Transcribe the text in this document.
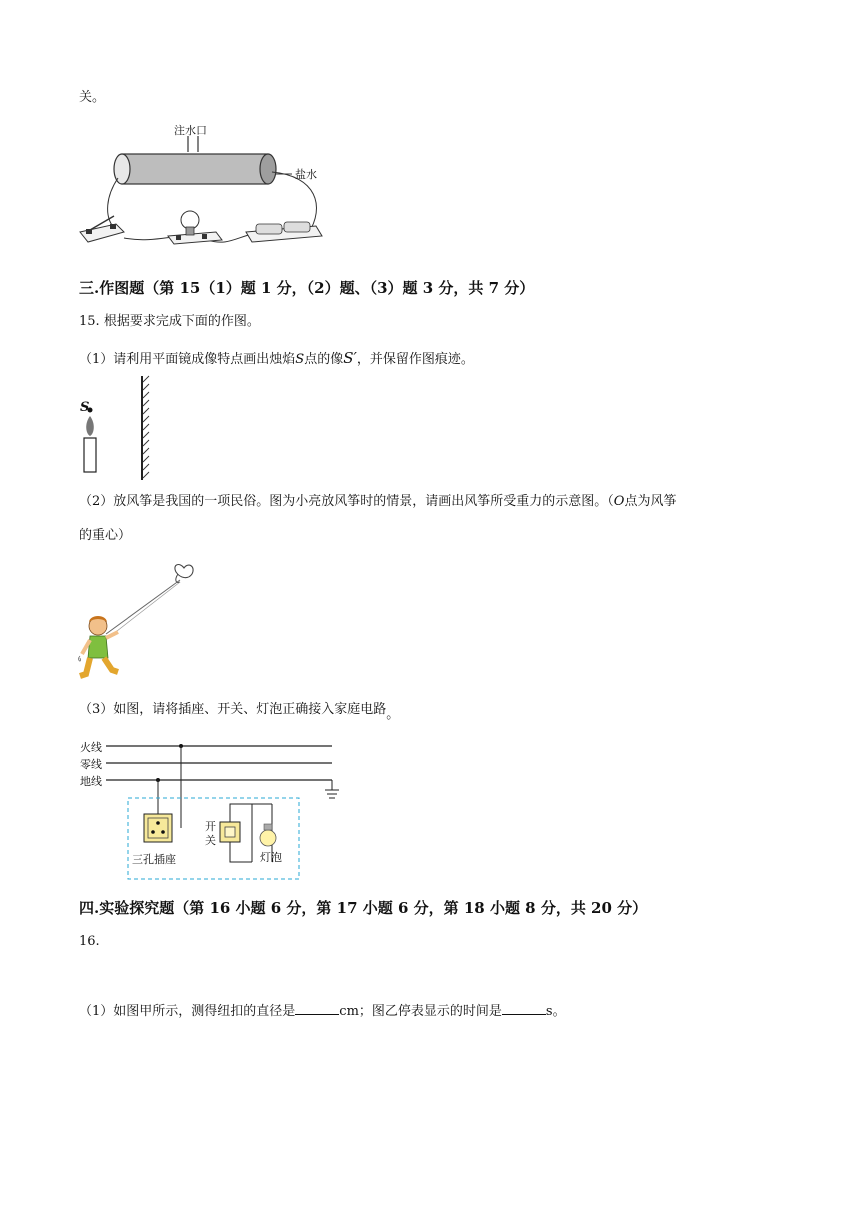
关。
注水口
盐水
三.作图题（第 15（1）题 1 分，（2）题、（3）题 3 分，共 7 分）
15. 根据要求完成下面的作图。
（1）请利用平面镜成像特点画出烛焰S点的像S′，并保留作图痕迹。
S
（2）放风筝是我国的一项民俗。图为小亮放风筝时的情景，请画出风筝所受重力的示意图。（O点为风筝
的重心）
（3）如图，请将插座、开关、灯泡正确接入家庭电路。
火线
零线
地线
三孔插座
开
关
灯泡
四.实验探究题（第 16 小题 6 分，第 17 小题 6 分，第 18 小题 8 分，共 20 分）
16.
（1）如图甲所示，测得纽扣的直径是	cm；图乙停表显示的时间是	s。
